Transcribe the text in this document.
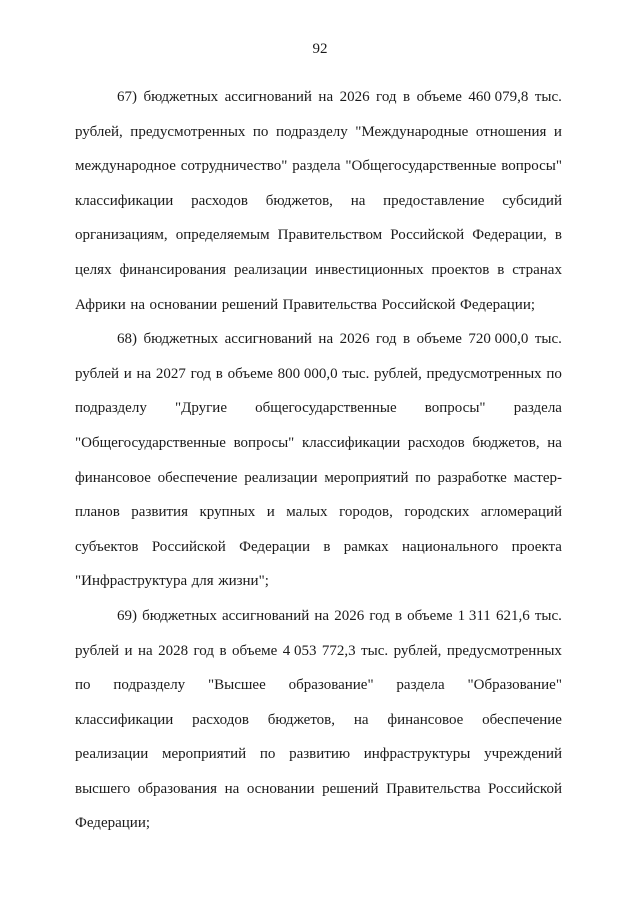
92
67) бюджетных ассигнований на 2026 год в объеме 460 079,8 тыс.
рублей, предусмотренных по подразделу "Международные отношения и
международное сотрудничество" раздела "Общегосударственные вопросы"
классификации расходов бюджетов, на предоставление субсидий
организациям, определяемым Правительством Российской Федерации, в
целях финансирования реализации инвестиционных проектов в странах
Африки на основании решений Правительства Российской Федерации;
68) бюджетных ассигнований на 2026 год в объеме 720 000,0 тыс.
рублей и на 2027 год в объеме 800 000,0 тыс. рублей, предусмотренных по
подразделу "Другие общегосударственные вопросы" раздела
"Общегосударственные вопросы" классификации расходов бюджетов, на
финансовое обеспечение реализации мероприятий по разработке мастер-
планов развития крупных и малых городов, городских агломераций
субъектов Российской Федерации в рамках национального проекта
"Инфраструктура для жизни";
69) бюджетных ассигнований на 2026 год в объеме 1 311 621,6 тыс.
рублей и на 2028 год в объеме 4 053 772,3 тыс. рублей, предусмотренных
по подразделу "Высшее образование" раздела "Образование"
классификации расходов бюджетов, на финансовое обеспечение
реализации мероприятий по развитию инфраструктуры учреждений
высшего образования на основании решений Правительства Российской
Федерации;
